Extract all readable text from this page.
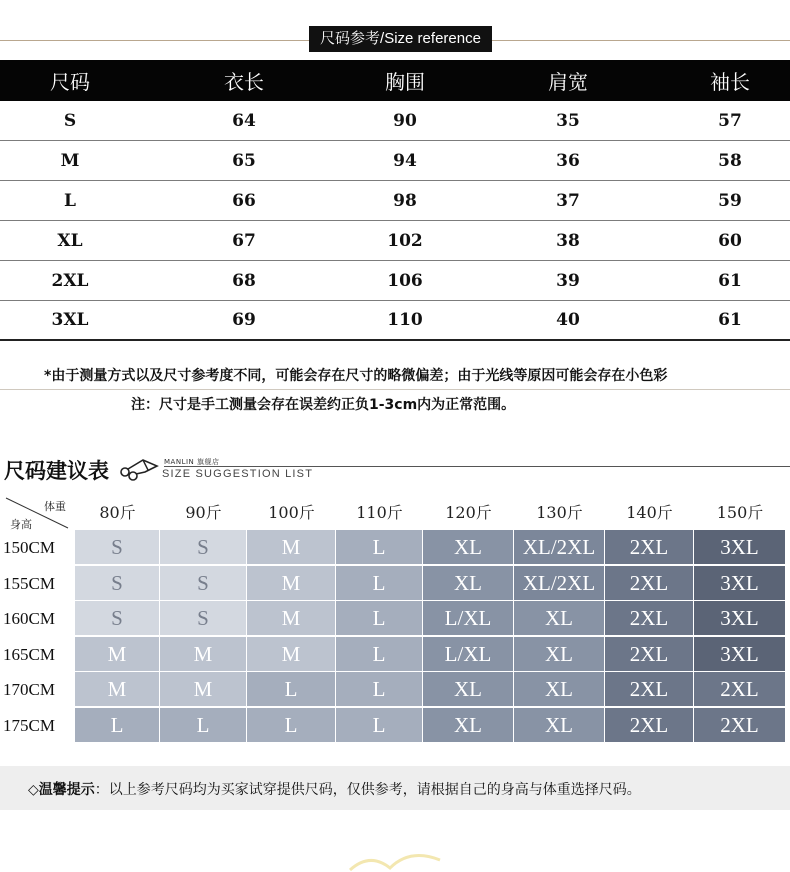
尺码参考/Size reference
尺码	衣长	胸围	肩宽	袖长
S	64	90	35	57
M	65	94	36	58
L	66	98	37	59
XL	67	102	38	60
2XL	68	106	39	61
3XL	69	110	40	61
*由于测量方式以及尺寸参考度不同，可能会存在尺寸的略微偏差；由于光线等原因可能会存在小色彩
注：尺寸是手工测量会存在误差约正负1-3cm内为正常范围。
尺码建议表	MANLIN 旗舰店
SIZE SUGGESTION LIST
体重
身高
80斤	90斤	100斤	110斤	120斤	130斤	140斤	150斤
150CM	S	S	M	L	XL	XL/2XL	2XL	3XL
155CM	S	S	M	L	XL	XL/2XL	2XL	3XL
160CM	S	S	M	L	L/XL	XL	2XL	3XL
165CM	M	M	M	L	L/XL	XL	2XL	3XL
170CM	M	M	L	L	XL	XL	2XL	2XL
175CM	L	L	L	L	XL	XL	2XL	2XL
◇温馨提示：以上参考尺码均为买家试穿提供尺码，仅供参考，请根据自己的身高与体重选择尺码。
